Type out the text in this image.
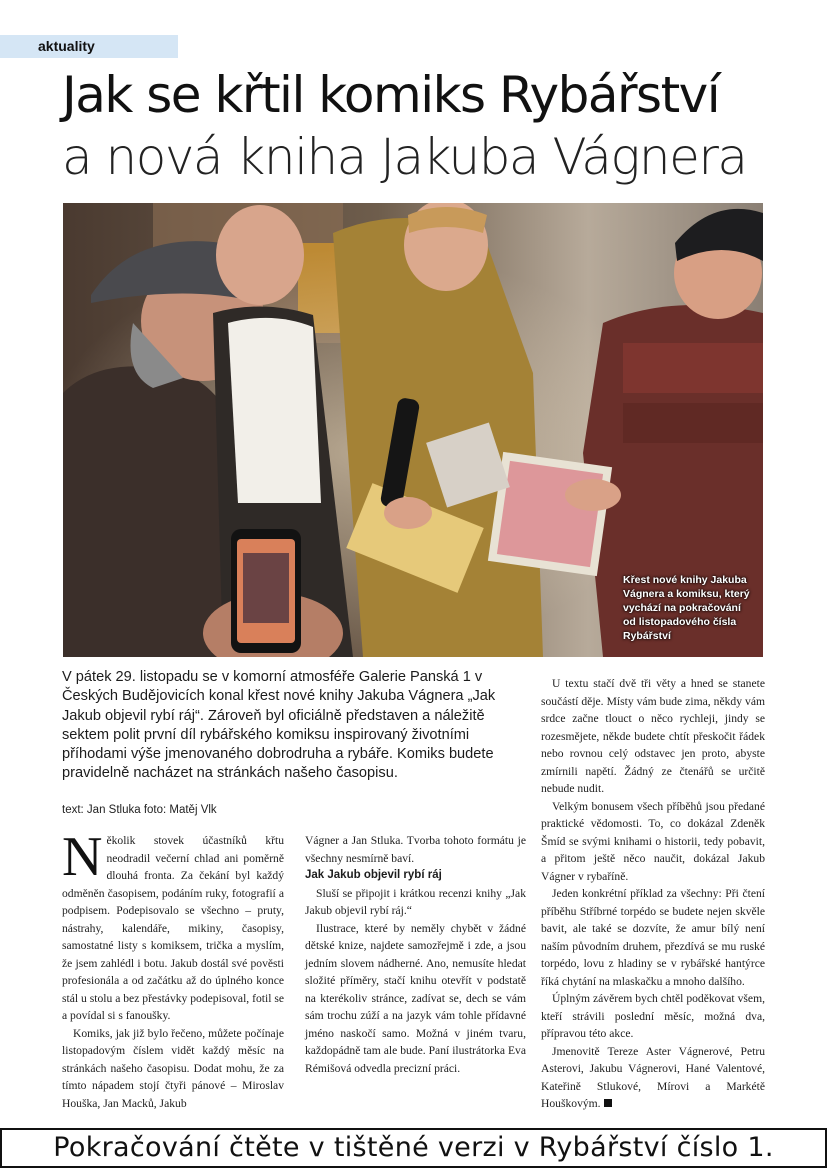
aktuality
Jak se křtil komiks Rybářství
a nová kniha Jakuba Vágnera
Křest nové knihy Jakuba Vágnera a komiksu, který vychází na pokračování od listopadového čísla Rybářství
V pátek 29. listopadu se v komorní atmosféře Galerie Panská 1 v Českých Budějovicích konal křest nové knihy Jakuba Vágnera „Jak Jakub objevil rybí ráj“. Zároveň byl oficiálně představen a náležitě sektem polit první díl rybářského komiksu inspirovaný životními příhodami výše jmenovaného dobrodruha a rybáře. Komiks budete pravidelně nacházet na stránkách našeho časopisu.
text: Jan Stluka foto: Matěj Vlk

Několik stovek účastníků křtu neodradil večerní chlad ani poměrně dlouhá fronta. Za čekání byl každý odměněn časopisem, podáním ruky, fotografií a podpisem. Podepisovalo se všechno – pruty, nástrahy, kalendáře, mikiny, časopisy, samostatné listy s komiksem, trička a myslím, že jsem zahlédl i botu. Jakub dostál své pověsti profesionála a od začátku až do úplného konce stál u stolu a bez přestávky podepisoval, fotil se a povídal si s fanoušky.

Komiks, jak již bylo řečeno, můžete počínaje listopadovým číslem vidět každý měsíc na stránkách našeho časopisu. Dodat mohu, že za tímto nápadem stojí čtyři pánové – Miroslav Houška, Jan Macků, Jakub

Vágner a Jan Stluka. Tvorba tohoto formátu je všechny nesmírně baví.

Jak Jakub objevil rybí ráj

Sluší se připojit i krátkou recenzi knihy „Jak Jakub objevil rybí ráj.“

Ilustrace, které by neměly chybět v žádné dětské knize, najdete samozřejmě i zde, a jsou jedním slovem nádherné. Ano, nemusíte hledat složité příměry, stačí knihu otevřít v podstatě na kterékoliv stránce, zadívat se, dech se vám sám trochu zúží a na jazyk vám tohle přídavné jméno naskočí samo. Možná v jiném tvaru, každopádně tam ale bude. Paní ilustrátorka Eva Rémišová odvedla precizní práci.

U textu stačí dvě tři věty a hned se stanete součástí děje. Místy vám bude zima, někdy vám srdce začne tlouct o něco rychleji, jindy se rozesmějete, někde budete chtít přeskočit řádek nebo rovnou celý odstavec jen proto, abyste zmírnili napětí. Žádný ze čtenářů se určitě nebude nudit.

Velkým bonusem všech příběhů jsou předané praktické vědomosti. To, co dokázal Zdeněk Šmíd se svými knihami o historii, tedy pobavit, a přitom ještě něco naučit, dokázal Jakub Vágner v rybaříně.

Jeden konkrétní příklad za všechny: Při čtení příběhu Stříbrné torpédo se budete nejen skvěle bavit, ale také se dozvíte, že amur bílý není naším původním druhem, přezdívá se mu ruské torpédo, lovu z hladiny se v rybářské hantýrce říká chytání na mlaskačku a mnoho dalšího.

Úplným závěrem bych chtěl poděkovat všem, kteří strávili poslední měsíc, možná dva, přípravou této akce.

Jmenovitě Tereze Aster Vágnerové, Petru Asterovi, Jakubu Vágnerovi, Hané Valentové, Kateřině Stlukové, Mírovi a Markétě Houškovým.

Pokračování čtěte v tištěné verzi v Rybářství číslo 1.
